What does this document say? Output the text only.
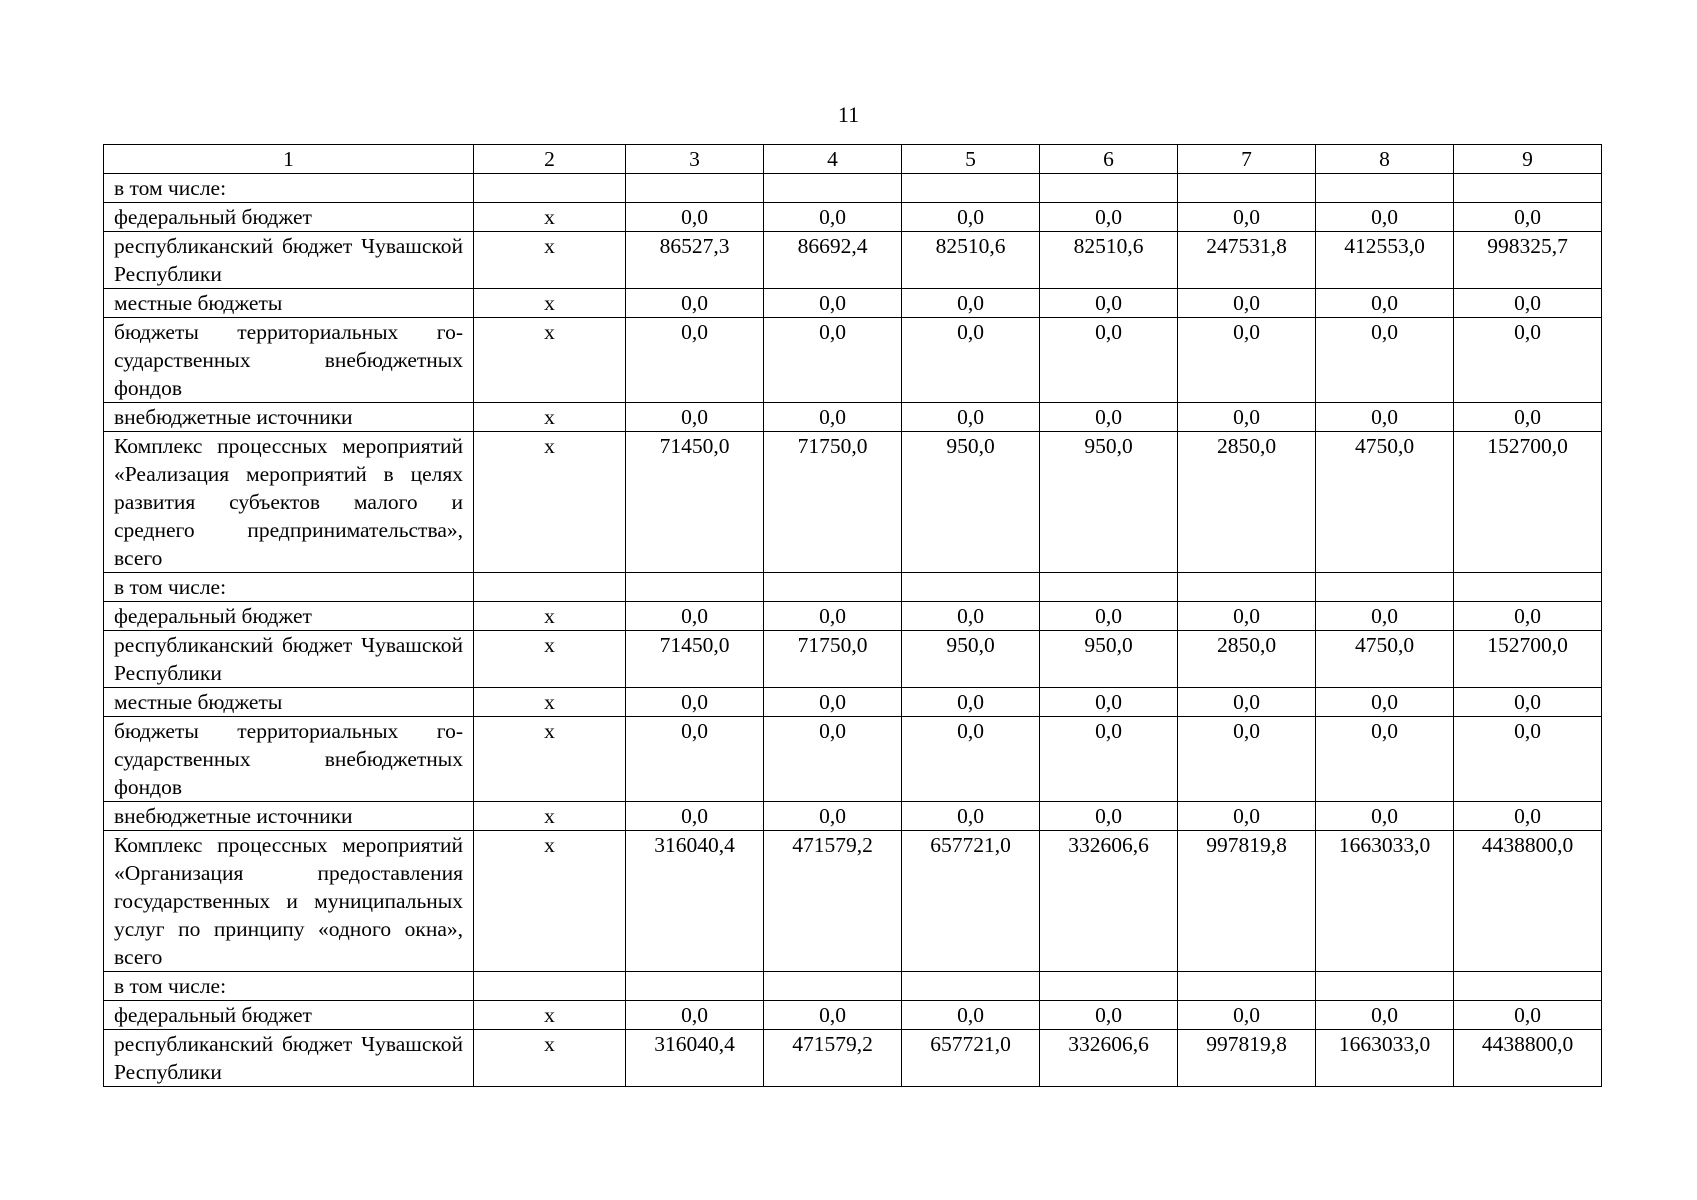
11
1	2	3	4	5	6	7	8	9
в том числе:								
федеральный бюджет	х	0,0	0,0	0,0	0,0	0,0	0,0	0,0
республиканский бюджет Чувашской Республики	х	86527,3	86692,4	82510,6	82510,6	247531,8	412553,0	998325,7
местные бюджеты	х	0,0	0,0	0,0	0,0	0,0	0,0	0,0
бюджеты территориальных государственных внебюджетных фондов	х	0,0	0,0	0,0	0,0	0,0	0,0	0,0
внебюджетные источники	х	0,0	0,0	0,0	0,0	0,0	0,0	0,0
Комплекс процессных мероприятий «Реализация мероприятий в целях развития субъектов малого и среднего предпринимательства», всего	х	71450,0	71750,0	950,0	950,0	2850,0	4750,0	152700,0
в том числе:								
федеральный бюджет	х	0,0	0,0	0,0	0,0	0,0	0,0	0,0
республиканский бюджет Чувашской Республики	х	71450,0	71750,0	950,0	950,0	2850,0	4750,0	152700,0
местные бюджеты	х	0,0	0,0	0,0	0,0	0,0	0,0	0,0
бюджеты территориальных государственных внебюджетных фондов	х	0,0	0,0	0,0	0,0	0,0	0,0	0,0
внебюджетные источники	х	0,0	0,0	0,0	0,0	0,0	0,0	0,0
Комплекс процессных мероприятий «Организация предоставления государственных и муниципальных услуг по принципу «одного окна», всего	х	316040,4	471579,2	657721,0	332606,6	997819,8	1663033,0	4438800,0
в том числе:								
федеральный бюджет	х	0,0	0,0	0,0	0,0	0,0	0,0	0,0
республиканский бюджет Чувашской Республики	х	316040,4	471579,2	657721,0	332606,6	997819,8	1663033,0	4438800,0
